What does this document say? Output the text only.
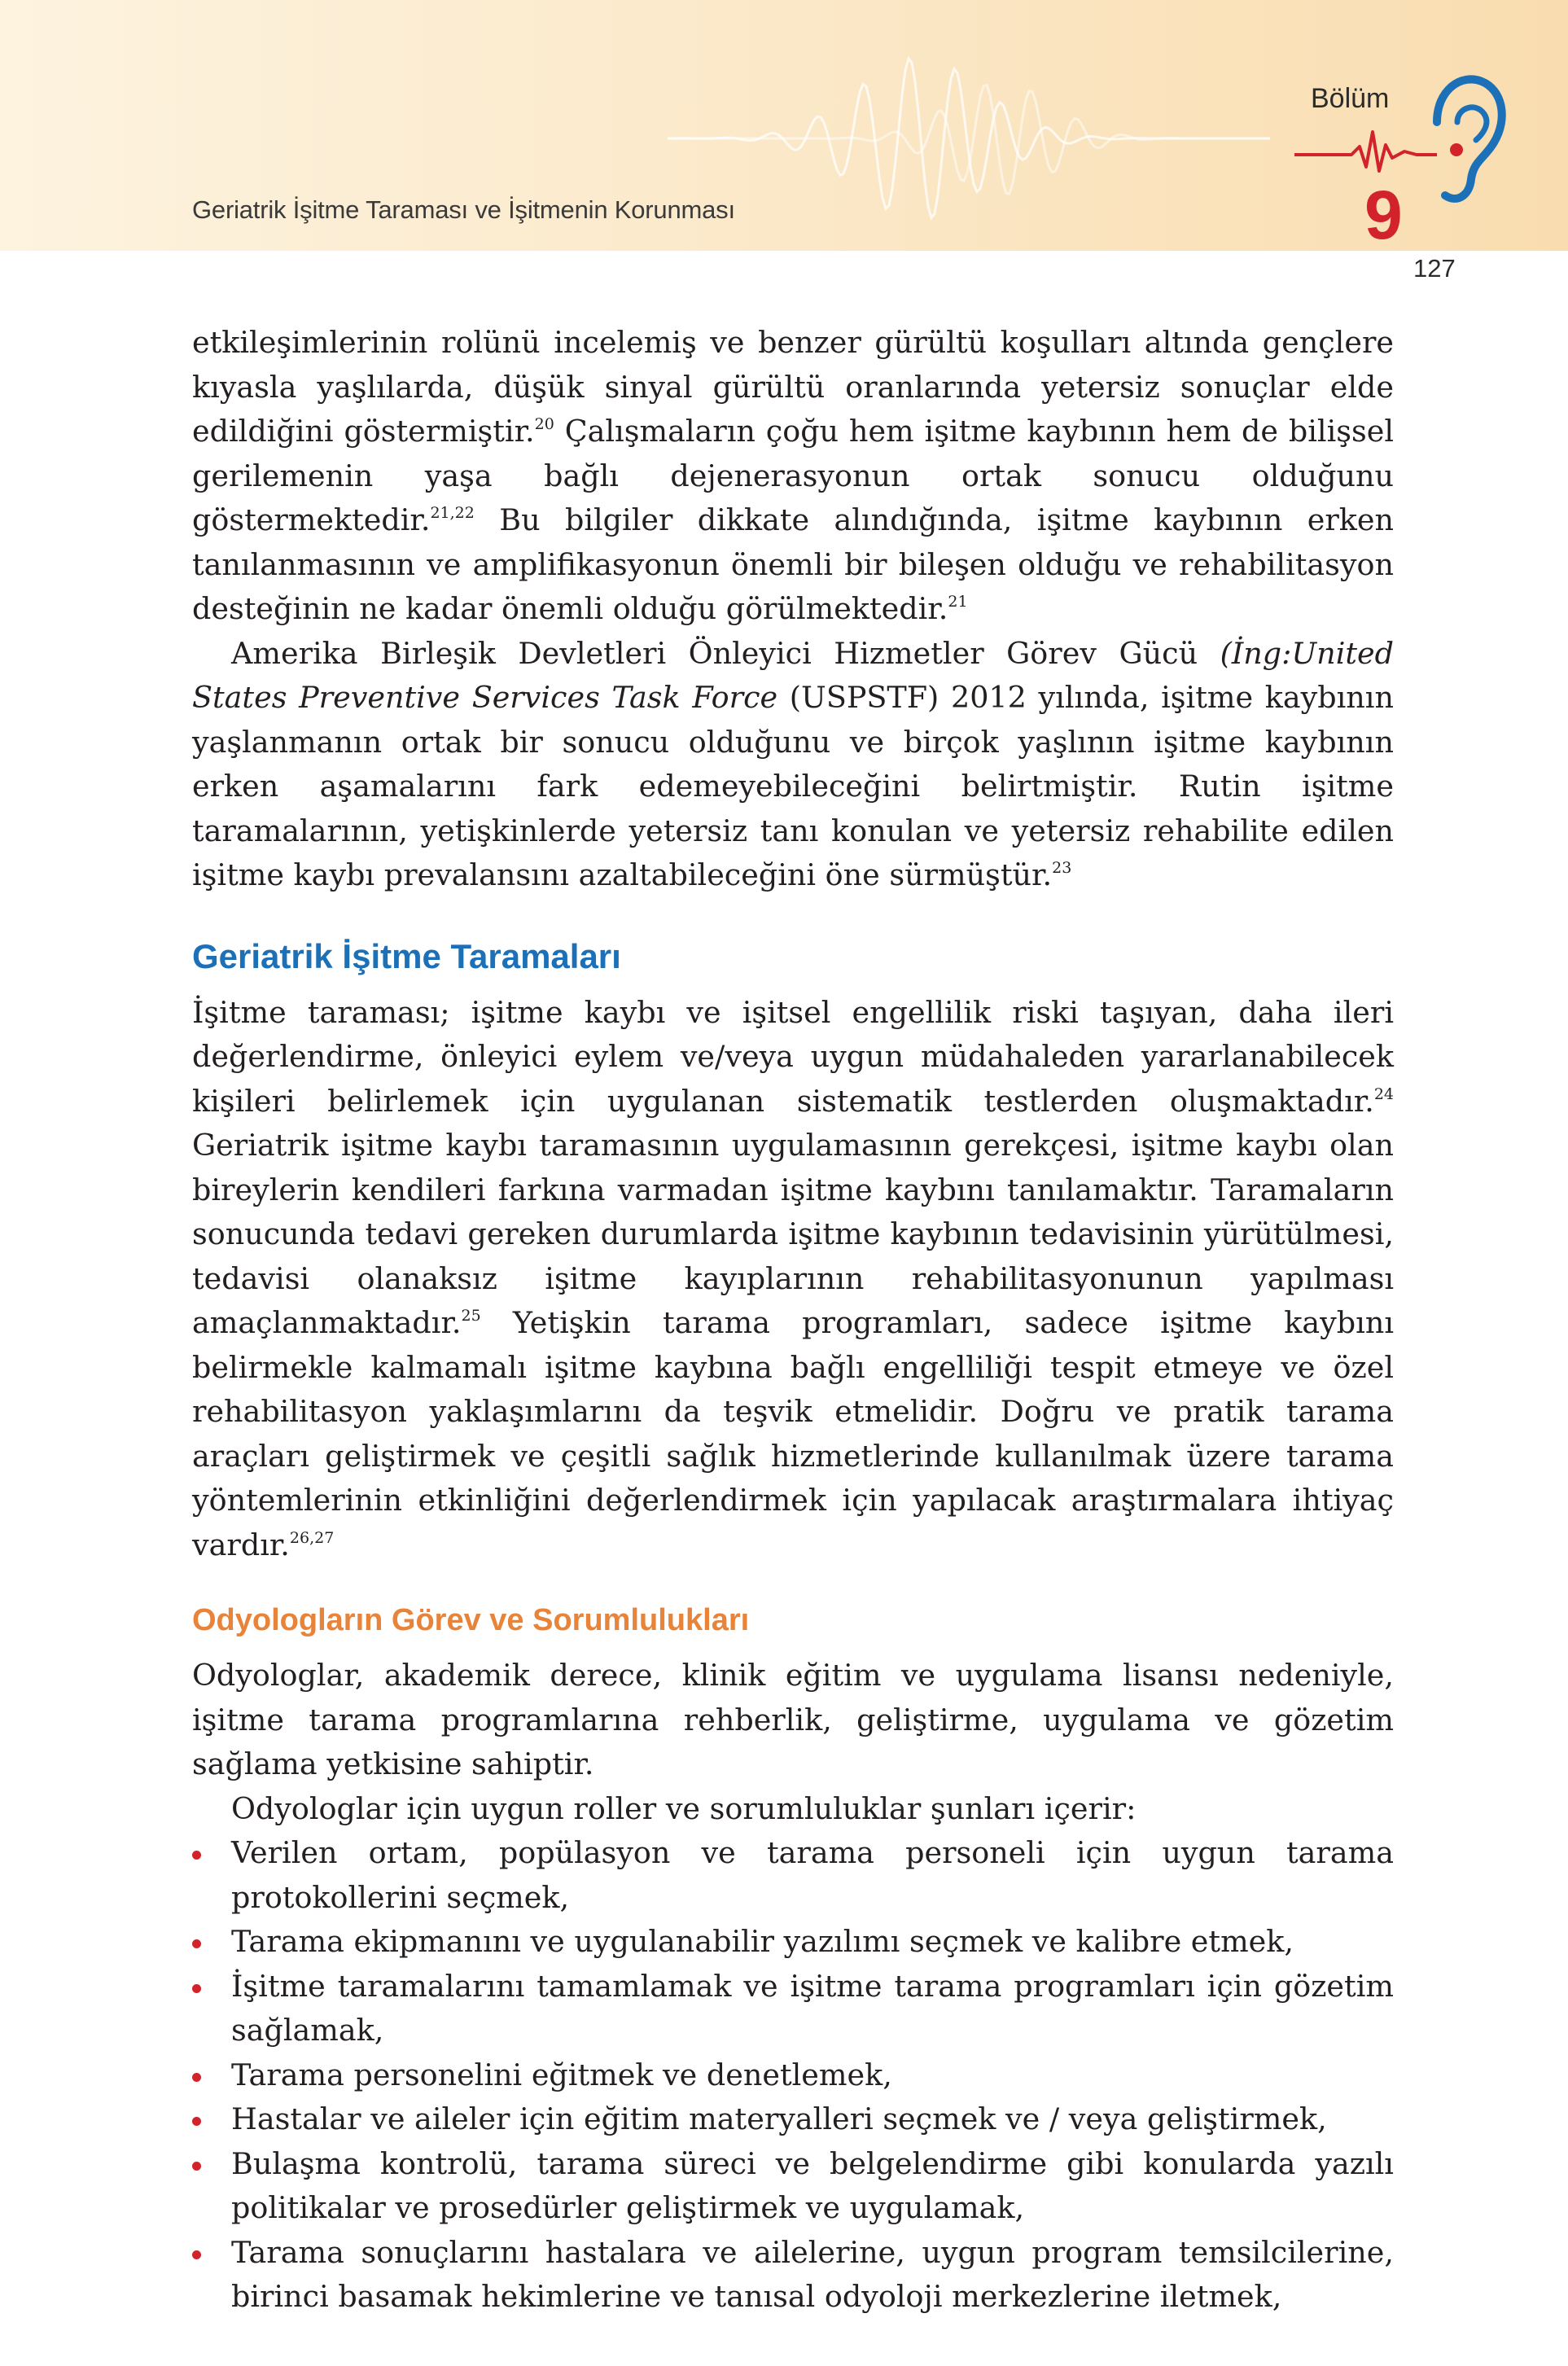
Geriatrik İşitme Taraması ve İşitmenin Korunması

Bölüm
9
127

etkileşimlerinin rolünü incelemiş ve benzer gürültü koşulları altında gençlere kıyasla yaşlılarda, düşük sinyal gürültü oranlarında yetersiz sonuçlar elde edildiğini göstermiştir.$^{20}$ Çalışmaların çoğu hem işitme kaybının hem de bilişsel gerilemenin yaşa bağlı dejenerasyonun ortak sonucu olduğunu göstermektedir.$^{21,22}$ Bu bilgiler dikkate alındığında, işitme kaybının erken tanılanmasının ve amplifikasyonun önemli bir bileşen olduğu ve rehabilitasyon desteğinin ne kadar önemli olduğu görülmektedir.$^{21}$

Amerika Birleşik Devletleri Önleyici Hizmetler Görev Gücü (İng:United States Preventive Services Task Force (USPSTF) 2012 yılında, işitme kaybının yaşlanmanın ortak bir sonucu olduğunu ve birçok yaşlının işitme kaybının erken aşamalarını fark edemeyebileceğini belirtmiştir. Rutin işitme taramalarının, yetişkinlerde yetersiz tanı konulan ve yetersiz rehabilite edilen işitme kaybı prevalansını azaltabileceğini öne sürmüştür.$^{23}$

Geriatrik İşitme Taramaları

İşitme taraması; işitme kaybı ve işitsel engellilik riski taşıyan, daha ileri değerlendirme, önleyici eylem ve/veya uygun müdahaleden yararlanabilecek kişileri belirlemek için uygulanan sistematik testlerden oluşmaktadır.$^{24}$ Geriatrik işitme kaybı taramasının uygulamasının gerekçesi, işitme kaybı olan bireylerin kendileri farkına varmadan işitme kaybını tanılamaktır. Taramaların sonucunda tedavi gereken durumlarda işitme kaybının tedavisinin yürütülmesi, tedavisi olanaksız işitme kayıplarının rehabilitasyonunun yapılması amaçlanmaktadır.$^{25}$ Yetişkin tarama programları, sadece işitme kaybını belirmekle kalmamalı işitme kaybına bağlı engelliliği tespit etmeye ve özel rehabilitasyon yaklaşımlarını da teşvik etmelidir. Doğru ve pratik tarama araçları geliştirmek ve çeşitli sağlık hizmetlerinde kullanılmak üzere tarama yöntemlerinin etkinliğini değerlendirmek için yapılacak araştırmalara ihtiyaç vardır.$^{26,27}$

Odyologların Görev ve Sorumlulukları

Odyologlar, akademik derece, klinik eğitim ve uygulama lisansı nedeniyle, işitme tarama programlarına rehberlik, geliştirme, uygulama ve gözetim sağlama yetkisine sahiptir.

Odyologlar için uygun roller ve sorumluluklar şunları içerir:

Verilen ortam, popülasyon ve tarama personeli için uygun tarama protokollerini seçmek,
Tarama ekipmanını ve uygulanabilir yazılımı seçmek ve kalibre etmek,
İşitme taramalarını tamamlamak ve işitme tarama programları için gözetim sağlamak,
Tarama personelini eğitmek ve denetlemek,
Hastalar ve aileler için eğitim materyalleri seçmek ve / veya geliştirmek,
Bulaşma kontrolü, tarama süreci ve belgelendirme gibi konularda yazılı politikalar ve prosedürler geliştirmek ve uygulamak,
Tarama sonuçlarını hastalara ve ailelerine, uygun program temsilcilerine, birinci basamak hekimlerine ve tanısal odyoloji merkezlerine iletmek,
